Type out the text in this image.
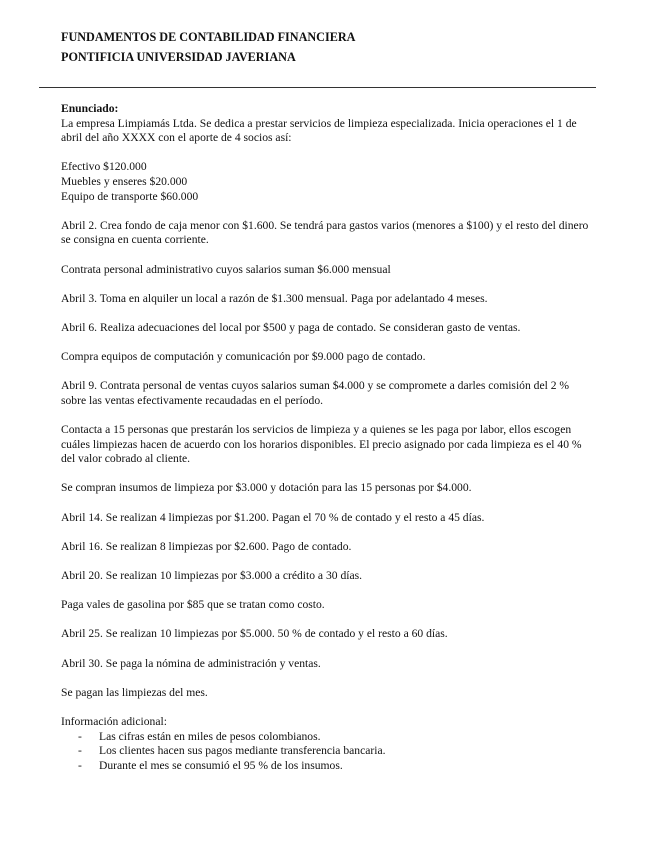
FUNDAMENTOS DE CONTABILIDAD FINANCIERA
PONTIFICIA UNIVERSIDAD JAVERIANA
Enunciado:

La empresa Limpiamás Ltda. Se dedica a prestar servicios de limpieza especializada. Inicia operaciones el 1 de abril del año XXXX con el aporte de 4 socios así:

Efectivo $120.000
Muebles y enseres $20.000

Equipo de transporte $60.000

Abril 2. Crea fondo de caja menor con $1.600. Se tendrá para gastos varios (menores a $100) y el resto del dinero se consigna en cuenta corriente.

Contrata personal administrativo cuyos salarios suman $6.000 mensual

Abril 3. Toma en alquiler un local a razón de $1.300 mensual. Paga por adelantado 4 meses.

Abril 6. Realiza adecuaciones del local por $500 y paga de contado. Se consideran gasto de ventas.

Compra equipos de computación y comunicación por $9.000 pago de contado.

Abril 9. Contrata personal de ventas cuyos salarios suman $4.000 y se compromete a darles comisión del 2 % sobre las ventas efectivamente recaudadas en el período.

Contacta a 15 personas que prestarán los servicios de limpieza y a quienes se les paga por labor, ellos escogen cuáles limpiezas hacen de acuerdo con los horarios disponibles. El precio asignado por cada limpieza es el 40 % del valor cobrado al cliente.

Se compran insumos de limpieza por $3.000 y dotación para las 15 personas por $4.000.

Abril 14. Se realizan 4 limpiezas por $1.200. Pagan el 70 % de contado y el resto a 45 días.

Abril 16. Se realizan 8 limpiezas por $2.600. Pago de contado.

Abril 20. Se realizan 10 limpiezas por $3.000 a crédito a 30 días.

Paga vales de gasolina por $85 que se tratan como costo.

Abril 25. Se realizan 10 limpiezas por $5.000. 50 % de contado y el resto a 60 días.

Abril 30. Se paga la nómina de administración y ventas.

Se pagan las limpiezas del mes.

Información adicional:
- Las cifras están en miles de pesos colombianos.
- Los clientes hacen sus pagos mediante transferencia bancaria.
- Durante el mes se consumió el 95 % de los insumos.
